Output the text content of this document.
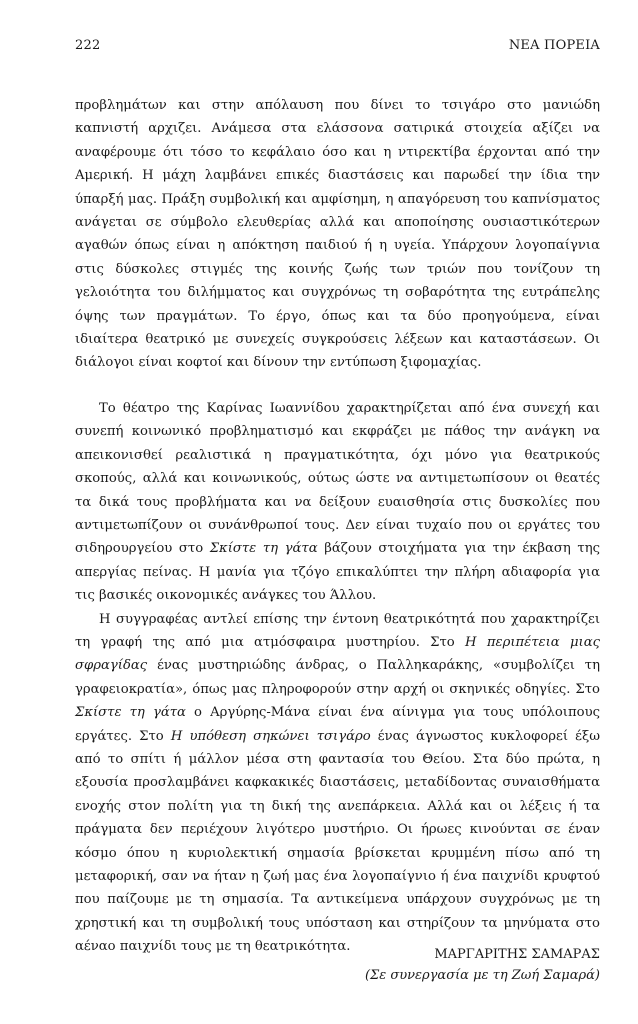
222	ΝΕΑ ΠΟΡΕΙΑ

προβλημάτων και στην απόλαυση που δίνει το τσιγάρο στο μανιώδη καπνιστή αρχιζει. Ανάμεσα στα ελάσσονα σατιρικά στοιχεία αξίζει να αναφέρουμε ότι τόσο το κεφάλαιο όσο και η ντιρεκτίβα έρχονται από την Αμερική. Η μάχη λαμβάνει επικές διαστάσεις και παρωδεί την ίδια την ύπαρξή μας. Πράξη συμβολική και αμφίσημη, η απαγόρευση του καπνίσματος ανάγεται σε σύμβολο ελευθερίας αλλά και αποποίησης ουσιαστικότερων αγαθών όπως είναι η απόκτηση παιδιού ή η υγεία. Υπάρχουν λογοπαίγνια στις δύσκολες στιγμές της κοινής ζωής των τριών που τονίζουν τη γελοιότητα του διλήμματος και συγχρόνως τη σοβαρότητα της ευτράπελης όψης των πραγμάτων. Το έργο, όπως και τα δύο προηγούμενα, είναι ιδιαίτερα θεατρικό με συνεχείς συγκρούσεις λέξεων και καταστάσεων. Οι διάλογοι είναι κοφτοί και δίνουν την εντύπωση ξιφομαχίας.

Το θέατρο της Καρίνας Ιωαννίδου χαρακτηρίζεται από ένα συνεχή και συνεπή κοινωνικό προβληματισμό και εκφράζει με πάθος την ανάγκη να απεικονισθεί ρεαλιστικά η πραγματικότητα, όχι μόνο για θεατρικούς σκοπούς, αλλά και κοινωνικούς, ούτως ώστε να αντιμετωπίσουν οι θεατές τα δικά τους προβλήματα και να δείξουν ευαισθησία στις δυσκολίες που αντιμετωπίζουν οι συνάνθρωποί τους. Δεν είναι τυχαίο που οι εργάτες του σιδηρουργείου στο Σκίστε τη γάτα βάζουν στοιχήματα για την έκβαση της απεργίας πείνας. Η μανία για τζόγο επικαλύπτει την πλήρη αδιαφορία για τις βασικές οικονομικές ανάγκες του Άλλου.

Η συγγραφέας αντλεί επίσης την έντονη θεατρικότητά που χαρακτηρίζει τη γραφή της από μια ατμόσφαιρα μυστηρίου. Στο Η περιπέτεια μιας σφραγίδας ένας μυστηριώδης άνδρας, ο Παλληκαράκης, «συμβολίζει τη γραφειοκρατία», όπως μας πληροφορούν στην αρχή οι σκηνικές οδηγίες. Στο Σκίστε τη γάτα ο Αργύρης-Μάνα είναι ένα αίνιγμα για τους υπόλοιπους εργάτες. Στο Η υπόθεση σηκώνει τσιγάρο ένας άγνωστος κυκλοφορεί έξω από το σπίτι ή μάλλον μέσα στη φαντασία του Θείου. Στα δύο πρώτα, η εξουσία προσλαμβάνει καφκακικές διαστάσεις, μεταδίδοντας συναισθήματα ενοχής στον πολίτη για τη δική της ανεπάρκεια. Αλλά και οι λέξεις ή τα πράγματα δεν περιέχουν λιγότερο μυστήριο. Οι ήρωες κινούνται σε έναν κόσμο όπου η κυριολεκτική σημασία βρίσκεται κρυμμένη πίσω από τη μεταφορική, σαν να ήταν η ζωή μας ένα λογοπαίγνιο ή ένα παιχνίδι κρυφτού που παίζουμε με τη σημασία. Τα αντικείμενα υπάρχουν συγχρόνως με τη χρηστική και τη συμβολική τους υπόσταση και στηρίζουν τα μηνύματα στο αέναο παιχνίδι τους με τη θεατρικότητα.

ΜΑΡΓΑΡΙΤΗΣ ΣΑΜΑΡΑΣ
(Σε συνεργασία με τη Ζωή Σαμαρά)
